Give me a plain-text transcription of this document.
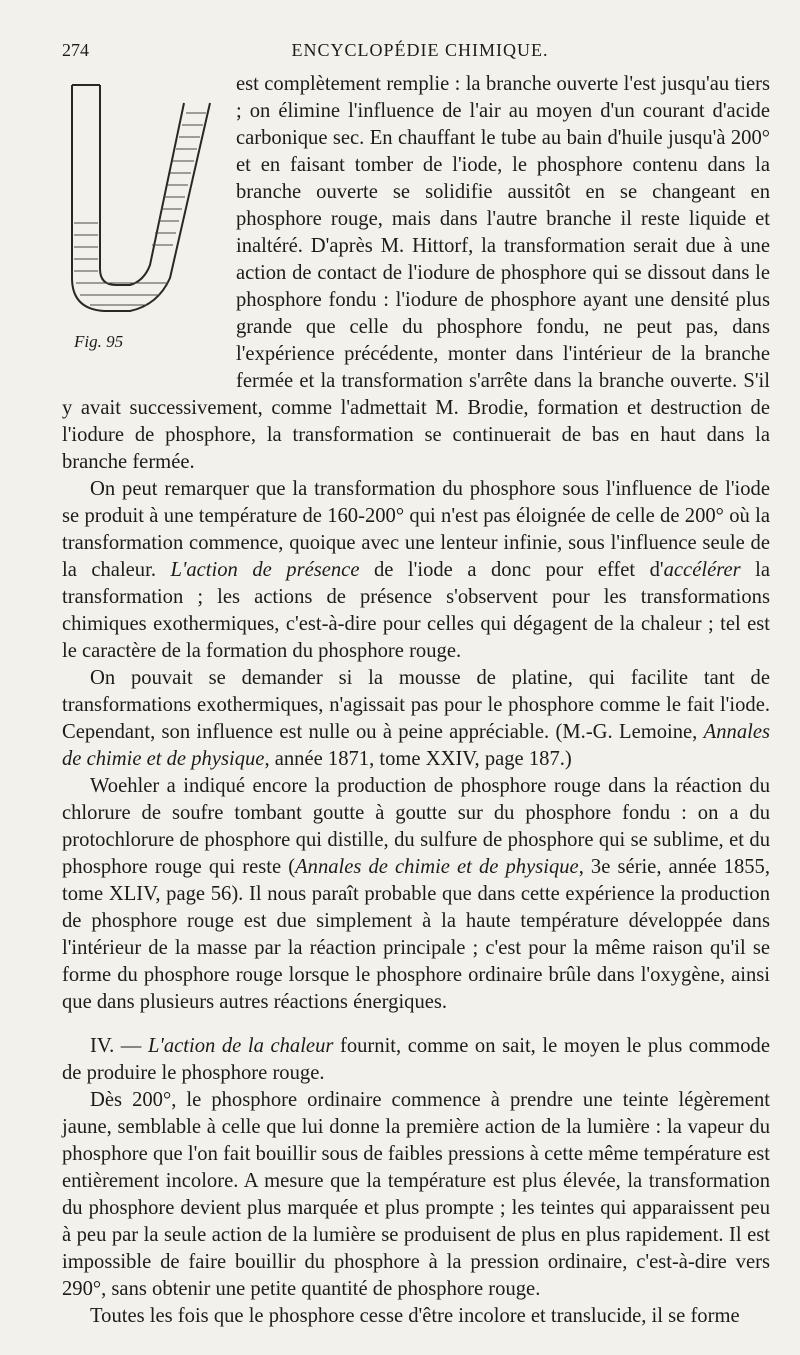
274	ENCYCLOPÉDIE CHIMIQUE.
Fig. 95

est complètement remplie : la branche ouverte l'est jusqu'au tiers ; on élimine l'influence de l'air au moyen d'un courant d'acide carbonique sec. En chauffant le tube au bain d'huile jusqu'à 200° et en faisant tomber de l'iode, le phosphore contenu dans la branche ouverte se solidifie aussitôt en se changeant en phosphore rouge, mais dans l'autre branche il reste liquide et inaltéré. D'après M. Hittorf, la transformation serait due à une action de contact de l'iodure de phosphore qui se dissout dans le phosphore fondu : l'iodure de phosphore ayant une densité plus grande que celle du phosphore fondu, ne peut pas, dans l'expérience précédente, monter dans l'intérieur de la branche fermée et la transformation s'arrête dans la branche ouverte. S'il y avait successivement, comme l'admettait M. Brodie, formation et destruction de l'iodure de phosphore, la transformation se continuerait de bas en haut dans la branche fermée.

On peut remarquer que la transformation du phosphore sous l'influence de l'iode se produit à une température de 160-200° qui n'est pas éloignée de celle de 200° où la transformation commence, quoique avec une lenteur infinie, sous l'influence seule de la chaleur. L'action de présence de l'iode a donc pour effet d'accélérer la transformation ; les actions de présence s'observent pour les transformations chimiques exothermiques, c'est-à-dire pour celles qui dégagent de la chaleur ; tel est le caractère de la formation du phosphore rouge.

On pouvait se demander si la mousse de platine, qui facilite tant de transformations exothermiques, n'agissait pas pour le phosphore comme le fait l'iode. Cependant, son influence est nulle ou à peine appréciable. (M.-G. Lemoine, Annales de chimie et de physique, année 1871, tome XXIV, page 187.)

Woehler a indiqué encore la production de phosphore rouge dans la réaction du chlorure de soufre tombant goutte à goutte sur du phosphore fondu : on a du protochlorure de phosphore qui distille, du sulfure de phosphore qui se sublime, et du phosphore rouge qui reste (Annales de chimie et de physique, 3e série, année 1855, tome XLIV, page 56). Il nous paraît probable que dans cette expérience la production de phosphore rouge est due simplement à la haute température développée dans l'intérieur de la masse par la réaction principale ; c'est pour la même raison qu'il se forme du phosphore rouge lorsque le phosphore ordinaire brûle dans l'oxygène, ainsi que dans plusieurs autres réactions énergiques.

IV. — L'action de la chaleur fournit, comme on sait, le moyen le plus commode de produire le phosphore rouge.

Dès 200°, le phosphore ordinaire commence à prendre une teinte légèrement jaune, semblable à celle que lui donne la première action de la lumière : la vapeur du phosphore que l'on fait bouillir sous de faibles pressions à cette même température est entièrement incolore. A mesure que la température est plus élevée, la transformation du phosphore devient plus marquée et plus prompte ; les teintes qui apparaissent peu à peu par la seule action de la lumière se produisent de plus en plus rapidement. Il est impossible de faire bouillir du phosphore à la pression ordinaire, c'est-à-dire vers 290°, sans obtenir une petite quantité de phosphore rouge.

Toutes les fois que le phosphore cesse d'être incolore et translucide, il se forme
